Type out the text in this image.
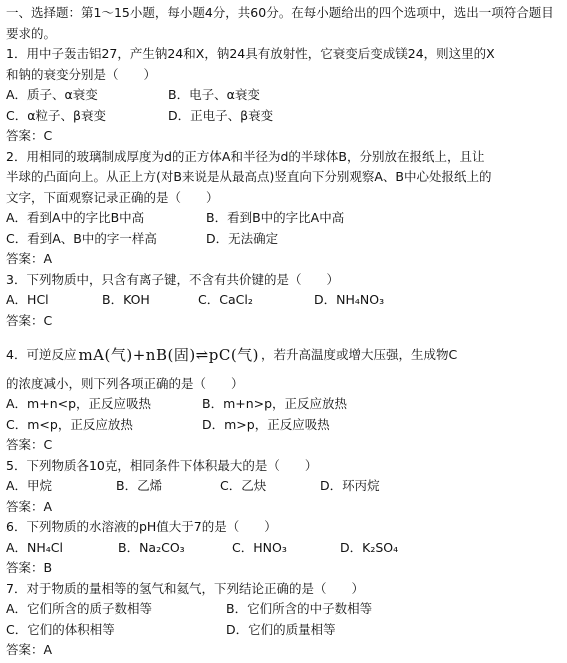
一、选择题：第1～15小题，每小题4分，共60分。在每小题给出的四个选项中，选出一项符合题目要求的。
1．用中子轰击铝27，产生钠24和X，钠24具有放射性，它衰变后变成镁24，则这里的X
和钠的衰变分别是（　　）
A．质子、α衰变	B．电子、α衰变
C．α粒子、β衰变	D．正电子、β衰变
答案：C
2．用相同的玻璃制成厚度为d的正方体A和半径为d的半球体B，分别放在报纸上，且让
半球的凸面向上。从正上方(对B来说是从最高点)竖直向下分别观察A、B中心处报纸上的
文字，下面观察记录正确的是（　　）
A．看到A中的字比B中高	B．看到B中的字比A中高
C．看到A、B中的字一样高	D．无法确定
答案：A
3．下列物质中，只含有离子键，不含有共价键的是（　　）
A．HCl	B．KOH	C．CaCl₂	D．NH₄NO₃
答案：C
4．可逆反应 mA(气)+nB(固)⇌pC(气) ，若升高温度或增大压强，生成物C
的浓度减小，则下列各项正确的是（　　）
A．m+n<p，正反应吸热	B．m+n>p，正反应放热
C．m<p，正反应放热	D．m>p，正反应吸热
答案：C
5．下列物质各10克，相同条件下体积最大的是（　　）
A．甲烷	B．乙烯	C．乙炔	D．环丙烷
答案：A
6．下列物质的水溶液的pH值大于7的是（　　）
A．NH₄Cl	B．Na₂CO₃	C．HNO₃	D．K₂SO₄
答案：B
7．对于物质的量相等的氢气和氦气，下列结论正确的是（　　）
A．它们所含的质子数相等	B．它们所含的中子数相等
C．它们的体积相等	D．它们的质量相等
答案：A
